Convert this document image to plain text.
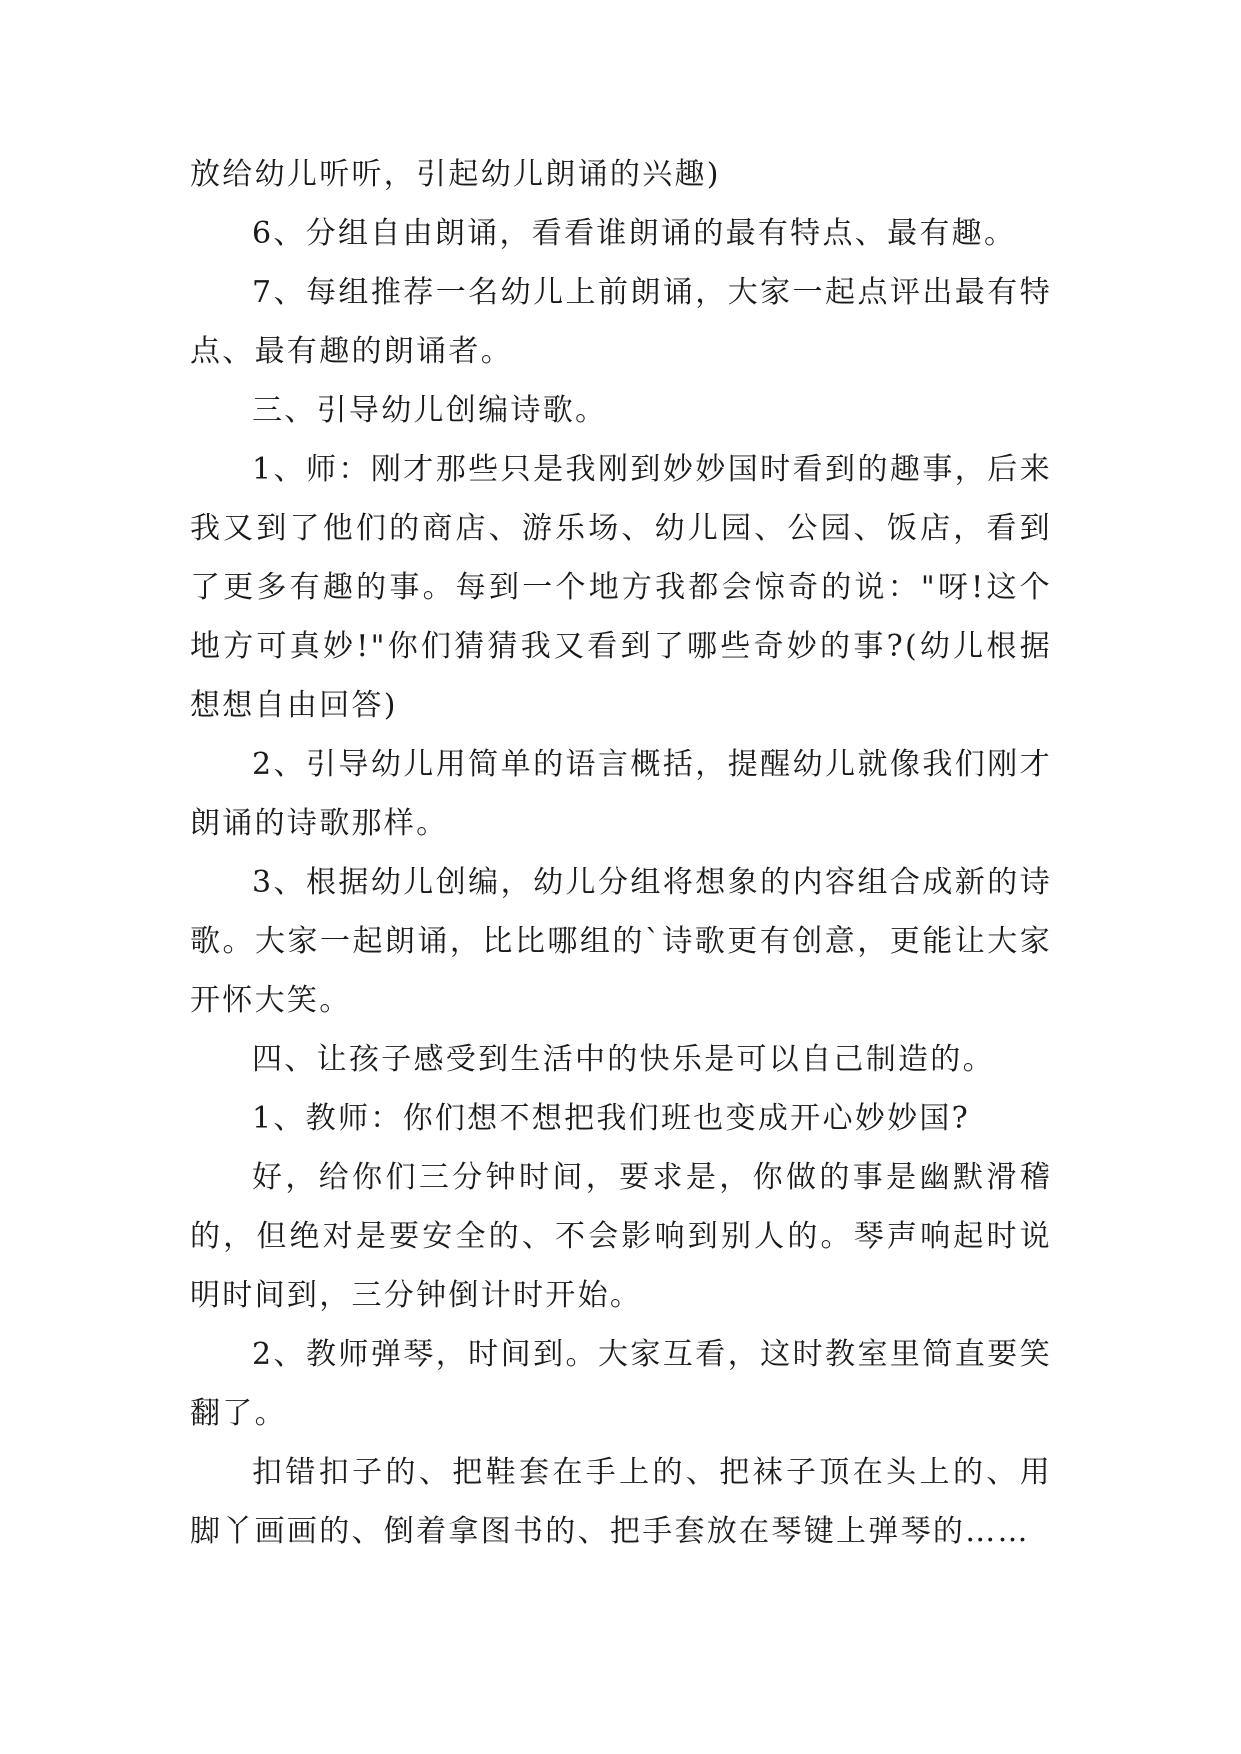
放给幼儿听听，引起幼儿朗诵的兴趣)

6、分组自由朗诵，看看谁朗诵的最有特点、最有趣。

7、每组推荐一名幼儿上前朗诵，大家一起点评出最有特点、最有趣的朗诵者。

三、引导幼儿创编诗歌。

1、师：刚才那些只是我刚到妙妙国时看到的趣事，后来我又到了他们的商店、游乐场、幼儿园、公园、饭店，看到了更多有趣的事。每到一个地方我都会惊奇的说："呀!这个地方可真妙!"你们猜猜我又看到了哪些奇妙的事?(幼儿根据想想自由回答)

2、引导幼儿用简单的语言概括，提醒幼儿就像我们刚才朗诵的诗歌那样。

3、根据幼儿创编，幼儿分组将想象的内容组合成新的诗歌。大家一起朗诵，比比哪组的`诗歌更有创意，更能让大家开怀大笑。

四、让孩子感受到生活中的快乐是可以自己制造的。

1、教师：你们想不想把我们班也变成开心妙妙国?

好，给你们三分钟时间，要求是，你做的事是幽默滑稽的，但绝对是要安全的、不会影响到别人的。琴声响起时说明时间到，三分钟倒计时开始。

2、教师弹琴，时间到。大家互看，这时教室里简直要笑翻了。

扣错扣子的、把鞋套在手上的、把袜子顶在头上的、用脚丫画画的、倒着拿图书的、把手套放在琴键上弹琴的……
